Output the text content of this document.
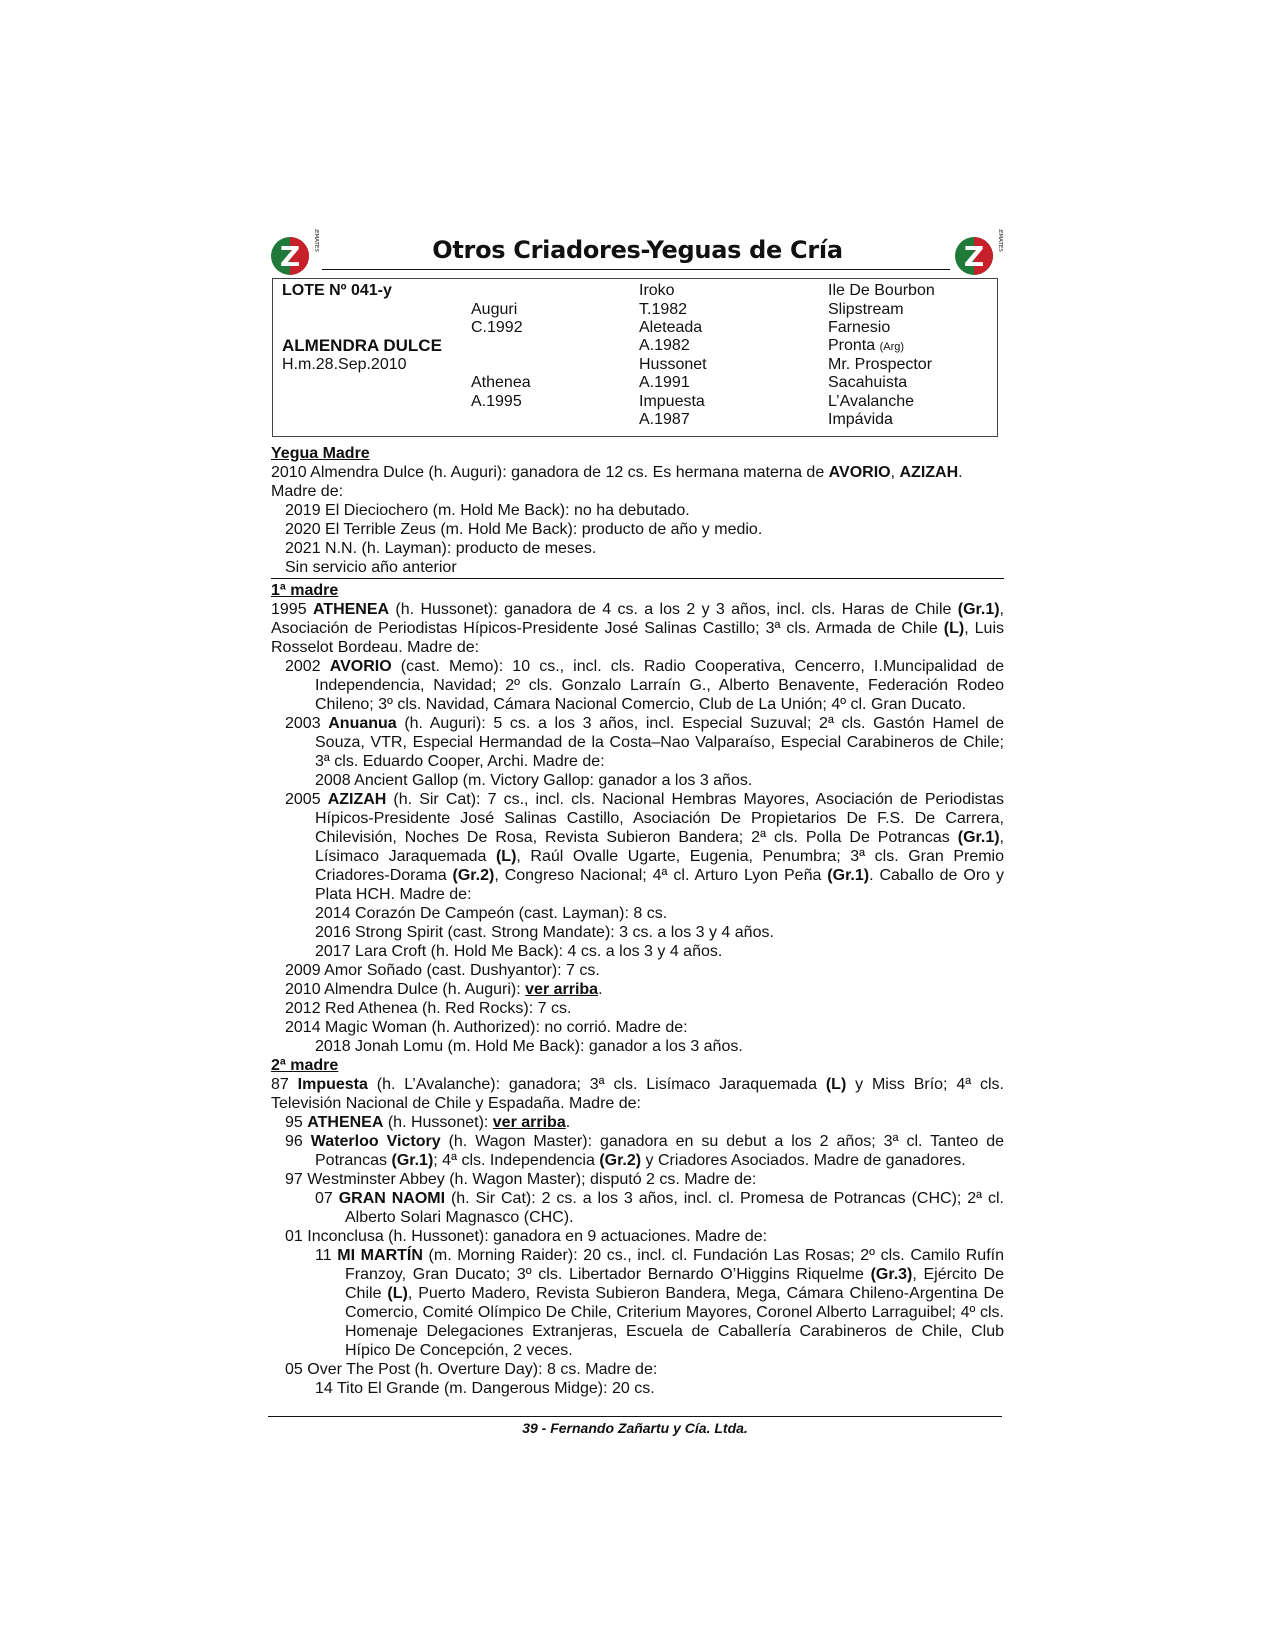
Z
REMATES
Z
REMATES
Otros Criadores-Yeguas de Cría
LOTE Nº 041-y
ALMENDRA DULCE
H.m.28.Sep.2010
Auguri
C.1992
Athenea
A.1995
Iroko
T.1982
Aleteada
A.1982
Hussonet
A.1991
Impuesta
A.1987
Ile De Bourbon
Slipstream
Farnesio
Pronta (Arg)
Mr. Prospector
Sacahuista
L’Avalanche
Impávida

Yegua Madre

2010 Almendra Dulce (h. Auguri): ganadora de 12 cs. Es hermana materna de AVORIO, AZIZAH.

Madre de:

2019 El Dieciochero (m. Hold Me Back): no ha debutado.

2020 El Terrible Zeus (m. Hold Me Back): producto de año y medio.

2021 N.N. (h. Layman): producto de meses.

Sin servicio año anterior

1ª madre

1995 ATHENEA (h. Hussonet): ganadora de 4 cs. a los 2 y 3 años, incl. cls. Haras de Chile (Gr.1), Asociación de Periodistas Hípicos-Presidente José Salinas Castillo; 3ª cls. Armada de Chile (L), Luis Rosselot Bordeau. Madre de:

2002 AVORIO (cast. Memo): 10 cs., incl. cls. Radio Cooperativa, Cencerro, I.Muncipalidad de Independencia, Navidad; 2º cls. Gonzalo Larraín G., Alberto Benavente, Federación Rodeo Chileno; 3º cls. Navidad, Cámara Nacional Comercio, Club de La Unión; 4º cl. Gran Ducato.

2003 Anuanua (h. Auguri): 5 cs. a los 3 años, incl. Especial Suzuval; 2ª cls. Gastón Hamel de Souza, VTR, Especial Hermandad de la Costa–Nao Valparaíso, Especial Carabineros de Chile; 3ª cls. Eduardo Cooper, Archi. Madre de:

2008 Ancient Gallop (m. Victory Gallop: ganador a los 3 años.

2005 AZIZAH (h. Sir Cat): 7 cs., incl. cls. Nacional Hembras Mayores, Asociación de Periodistas Hípicos-Presidente José Salinas Castillo, Asociación De Propietarios De F.S. De Carrera, Chilevisión, Noches De Rosa, Revista Subieron Bandera; 2ª cls. Polla De Potrancas (Gr.1), Lísimaco Jaraquemada (L), Raúl Ovalle Ugarte, Eugenia, Penumbra; 3ª cls. Gran Premio Criadores-Dorama (Gr.2), Congreso Nacional; 4ª cl. Arturo Lyon Peña (Gr.1). Caballo de Oro y Plata HCH. Madre de:

2014 Corazón De Campeón (cast. Layman): 8 cs.

2016 Strong Spirit (cast. Strong Mandate): 3 cs. a los 3 y 4 años.

2017 Lara Croft (h. Hold Me Back): 4 cs. a los 3 y 4 años.

2009 Amor Soñado (cast. Dushyantor): 7 cs.

2010 Almendra Dulce (h. Auguri): ver arriba.

2012 Red Athenea (h. Red Rocks): 7 cs.

2014 Magic Woman (h. Authorized): no corrió. Madre de:

2018 Jonah Lomu (m. Hold Me Back): ganador a los 3 años.

2ª madre

87 Impuesta (h. L’Avalanche): ganadora; 3ª cls. Lisímaco Jaraquemada (L) y Miss Brío; 4ª cls. Televisión Nacional de Chile y Espadaña. Madre de:

95 ATHENEA (h. Hussonet): ver arriba.

96 Waterloo Victory (h. Wagon Master): ganadora en su debut a los 2 años; 3ª cl. Tanteo de Potrancas (Gr.1); 4ª cls. Independencia (Gr.2) y Criadores Asociados. Madre de ganadores.

97 Westminster Abbey (h. Wagon Master); disputó 2 cs. Madre de:

07 GRAN NAOMI (h. Sir Cat): 2 cs. a los 3 años, incl. cl. Promesa de Potrancas (CHC); 2ª cl. Alberto Solari Magnasco (CHC).

01 Inconclusa (h. Hussonet): ganadora en 9 actuaciones. Madre de:

11 MI MARTÍN (m. Morning Raider): 20 cs., incl. cl. Fundación Las Rosas; 2º cls. Camilo Rufín Franzoy, Gran Ducato; 3º cls. Libertador Bernardo O’Higgins Riquelme (Gr.3), Ejército De Chile (L), Puerto Madero, Revista Subieron Bandera, Mega, Cámara Chileno-Argentina De Comercio, Comité Olímpico De Chile, Criterium Mayores, Coronel Alberto Larraguibel; 4º cls. Homenaje Delegaciones Extranjeras, Escuela de Caballería Carabineros de Chile, Club Hípico De Concepción, 2 veces.

05 Over The Post (h. Overture Day): 8 cs. Madre de:

14 Tito El Grande (m. Dangerous Midge): 20 cs.

39 - Fernando Zañartu y Cía. Ltda.
